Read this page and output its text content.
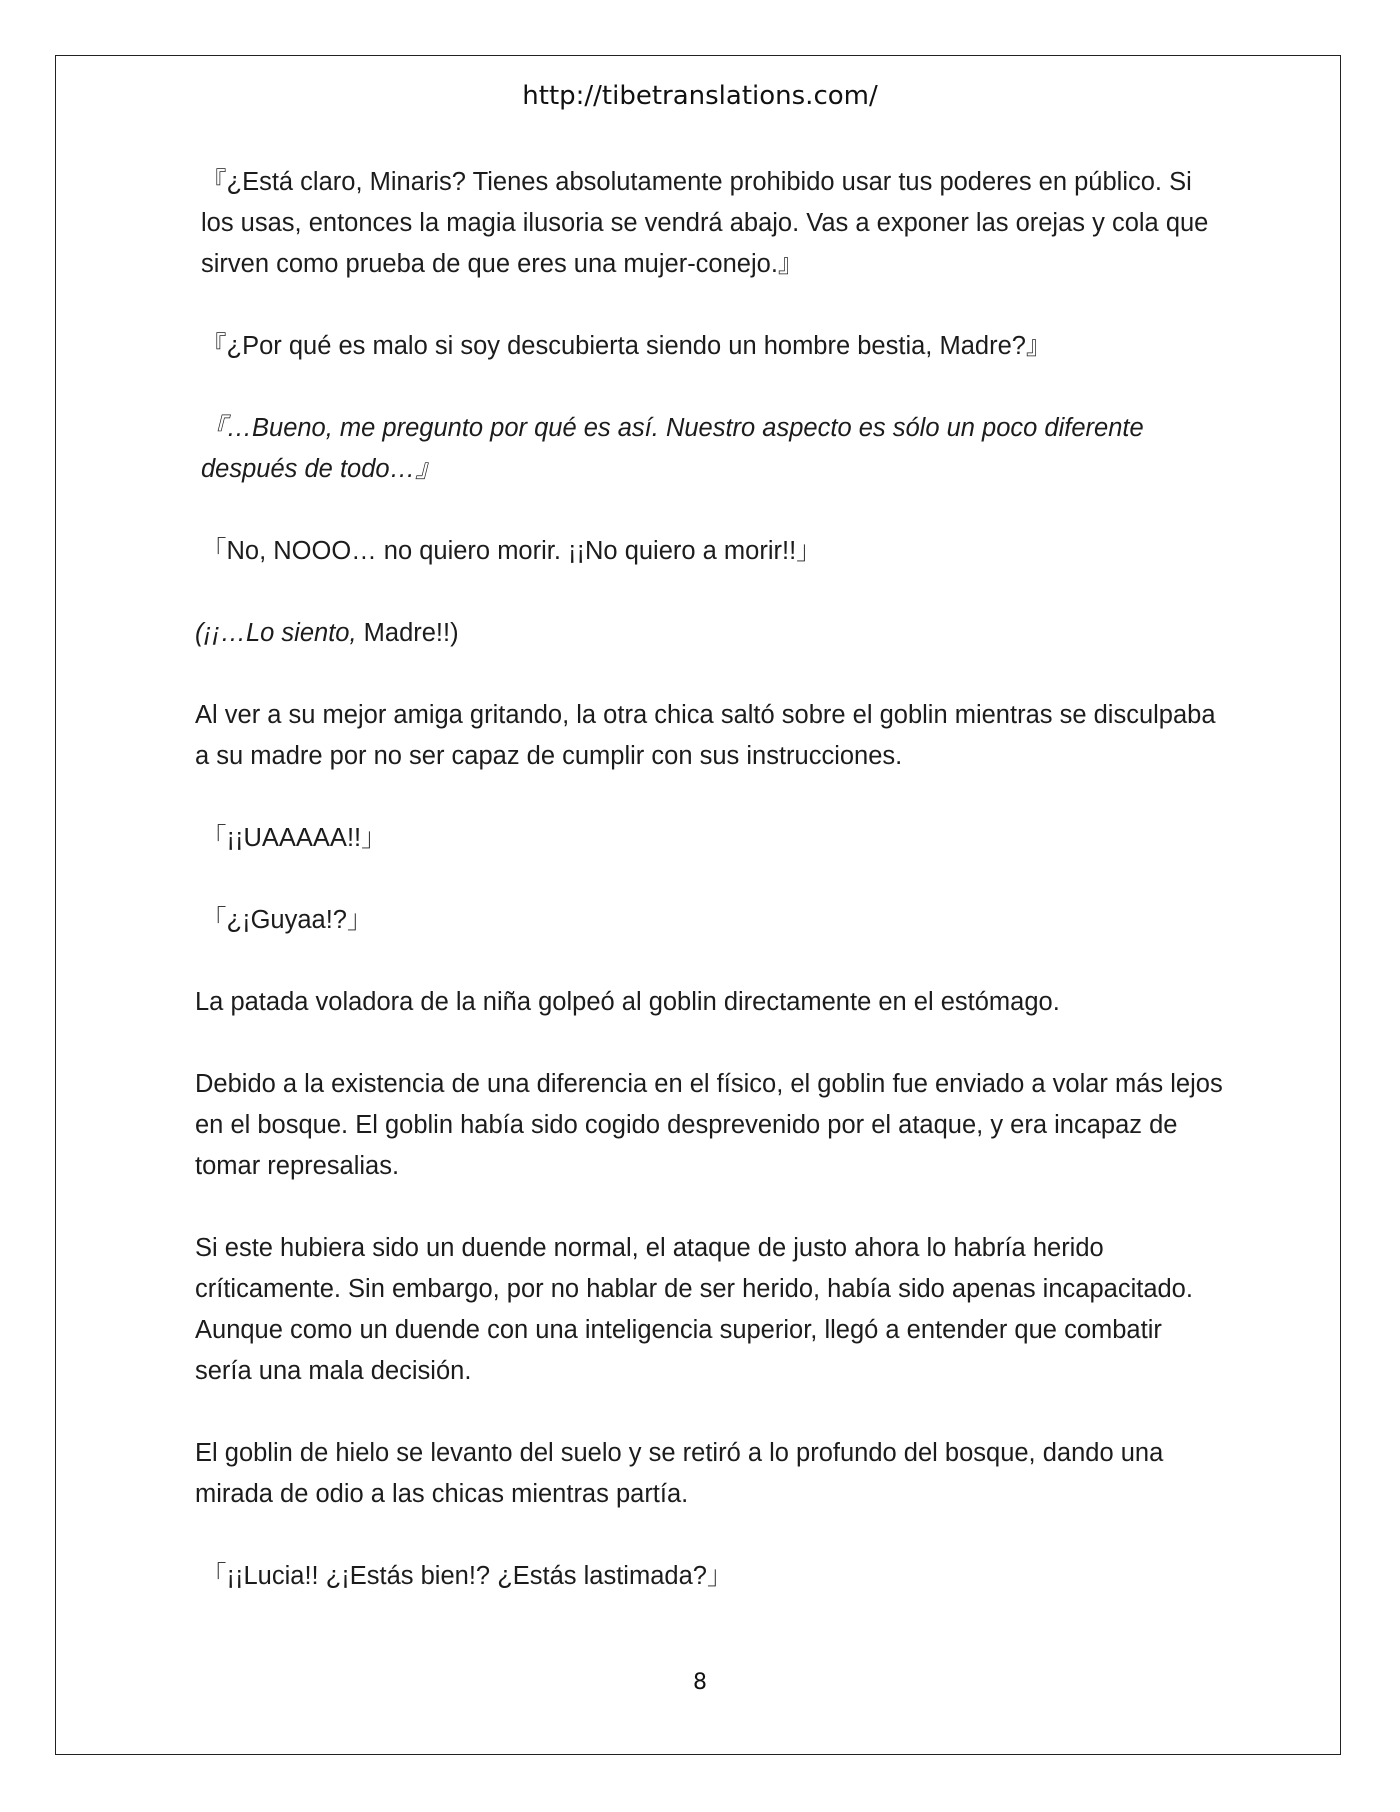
http://tibetranslations.com/

『¿Está claro, Minaris? Tienes absolutamente prohibido usar tus poderes en público. Si los usas, entonces la magia ilusoria se vendrá abajo. Vas a exponer las orejas y cola que sirven como prueba de que eres una mujer-conejo.』

『¿Por qué es malo si soy descubierta siendo un hombre bestia, Madre?』

『…Bueno, me pregunto por qué es así. Nuestro aspecto es sólo un poco diferente después de todo…』

「No, NOOO… no quiero morir. ¡¡No quiero a morir!!」

(¡¡…Lo siento, Madre!!)

Al ver a su mejor amiga gritando, la otra chica saltó sobre el goblin mientras se disculpaba a su madre por no ser capaz de cumplir con sus instrucciones.

「¡¡UAAAAA!!」

「¿¡Guyaa!?」

La patada voladora de la niña golpeó al goblin directamente en el estómago.

Debido a la existencia de una diferencia en el físico, el goblin fue enviado a volar más lejos en el bosque. El goblin había sido cogido desprevenido por el ataque, y era incapaz de tomar represalias.

Si este hubiera sido un duende normal, el ataque de justo ahora lo habría herido críticamente. Sin embargo, por no hablar de ser herido, había sido apenas incapacitado. Aunque como un duende con una inteligencia superior, llegó a entender que combatir sería una mala decisión.

El goblin de hielo se levanto del suelo y se retiró a lo profundo del bosque, dando una mirada de odio a las chicas mientras partía.

「¡¡Lucia!! ¿¡Estás bien!? ¿Estás lastimada?」

8
